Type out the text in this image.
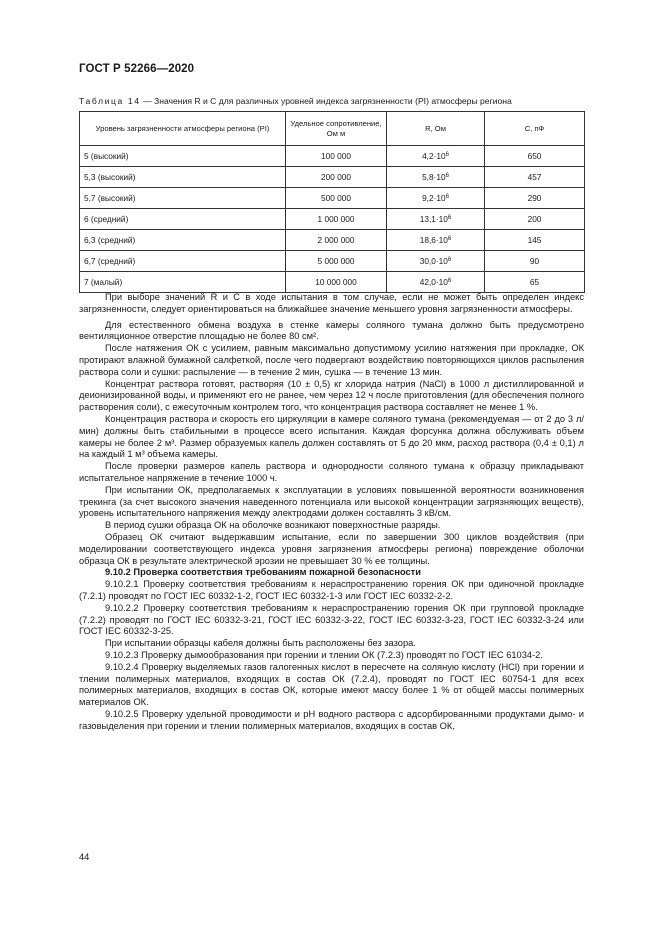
ГОСТ Р 52266—2020
Таблица 14 — Значения R и C для различных уровней индекса загрязненности (PI) атмосферы региона
Уровень загрязненности атмосферы региона (PI)	Удельное сопротивление, Ом м	R, Ом	C, пФ
5 (высокий)	100 000	$4,2\cdot 10^6$	650
5,3 (высокий)	200 000	$5,8\cdot 10^6$	457
5,7 (высокий)	500 000	$9,2\cdot 10^6$	290
6 (средний)	1 000 000	$13,1\cdot 10^6$	200
6,3 (средний)	2 000 000	$18,6\cdot 10^6$	145
6,7 (средний)	5 000 000	$30,0\cdot 10^6$	90
7 (малый)	10 000 000	$42,0\cdot 10^6$	65

При выборе значений R и C в ходе испытания в том случае, если не может быть определен индекс загрязненности, следует ориентироваться на ближайшее значение меньшего уровня загрязненности атмосферы.

Для естественного обмена воздуха в стенке камеры соляного тумана должно быть предусмотрено вентиляционное отверстие площадью не более 80 см².

После натяжения ОК с усилием, равным максимально допустимому усилию натяжения при прокладке, ОК протирают влажной бумажной салфеткой, после чего подвергают воздействию повторяющихся циклов распыления раствора соли и сушки: распыление — в течение 2 мин, сушка — в течение 13 мин.

Концентрат раствора готовят, растворяя (10 ± 0,5) кг хлорида натрия (NaCl) в 1000 л дистиллированной и деионизированной воды, и применяют его не ранее, чем через 12 ч после приготовления (для обеспечения полного растворения соли), с ежесуточным контролем того, что концентрация раствора составляет не менее 1 %.

Концентрация раствора и скорость его циркуляции в камере соляного тумана (рекомендуемая — от 2 до 3 л/мин) должны быть стабильными в процессе всего испытания. Каждая форсунка должна обслуживать объем камеры не более 2 м³. Размер образуемых капель должен составлять от 5 до 20 мкм, расход раствора (0,4 ± 0,1) л на каждый 1 м³ объема камеры.

После проверки размеров капель раствора и однородности соляного тумана к образцу прикладывают испытательное напряжение в течение 1000 ч.

При испытании ОК, предполагаемых к эксплуатации в условиях повышенной вероятности возникновения трекинга (за счет высокого значения наведенного потенциала или высокой концентрации загрязняющих веществ), уровень испытательного напряжения между электродами должен составлять 3 кВ/см.

В период сушки образца ОК на оболочке возникают поверхностные разряды.

Образец ОК считают выдержавшим испытание, если по завершении 300 циклов воздействия (при моделировании соответствующего индекса уровня загрязнения атмосферы региона) повреждение оболочки образца ОК в результате электрической эрозии не превышает 30 % ее толщины.

9.10.2 Проверка соответствия требованиям пожарной безопасности

9.10.2.1 Проверку соответствия требованиям к нераспространению горения ОК при одиночной прокладке (7.2.1) проводят по ГОСТ IEC 60332-1-2, ГОСТ IEC 60332-1-3 или ГОСТ IEC 60332-2-2.

9.10.2.2 Проверку соответствия требованиям к нераспространению горения ОК при групповой прокладке (7.2.2) проводят по ГОСТ IEC 60332-3-21, ГОСТ IEC 60332-3-22, ГОСТ IEC 60332-3-23, ГОСТ IEC 60332-3-24 или ГОСТ IEC 60332-3-25.

При испытании образцы кабеля должны быть расположены без зазора.

9.10.2.3 Проверку дымообразования при горении и тлении ОК (7.2.3) проводят по ГОСТ IEC 61034-2.

9.10.2.4 Проверку выделяемых газов галогенных кислот в пересчете на соляную кислоту (HCl) при горении и тлении полимерных материалов, входящих в состав ОК (7.2.4), проводят по ГОСТ IEC 60754-1 для всех полимерных материалов, входящих в состав ОК, которые имеют массу более 1 % от общей массы полимерных материалов ОК.

9.10.2.5 Проверку удельной проводимости и pH водного раствора с адсорбированными продуктами дымо- и газовыделения при горении и тлении полимерных материалов, входящих в состав ОК,

44
